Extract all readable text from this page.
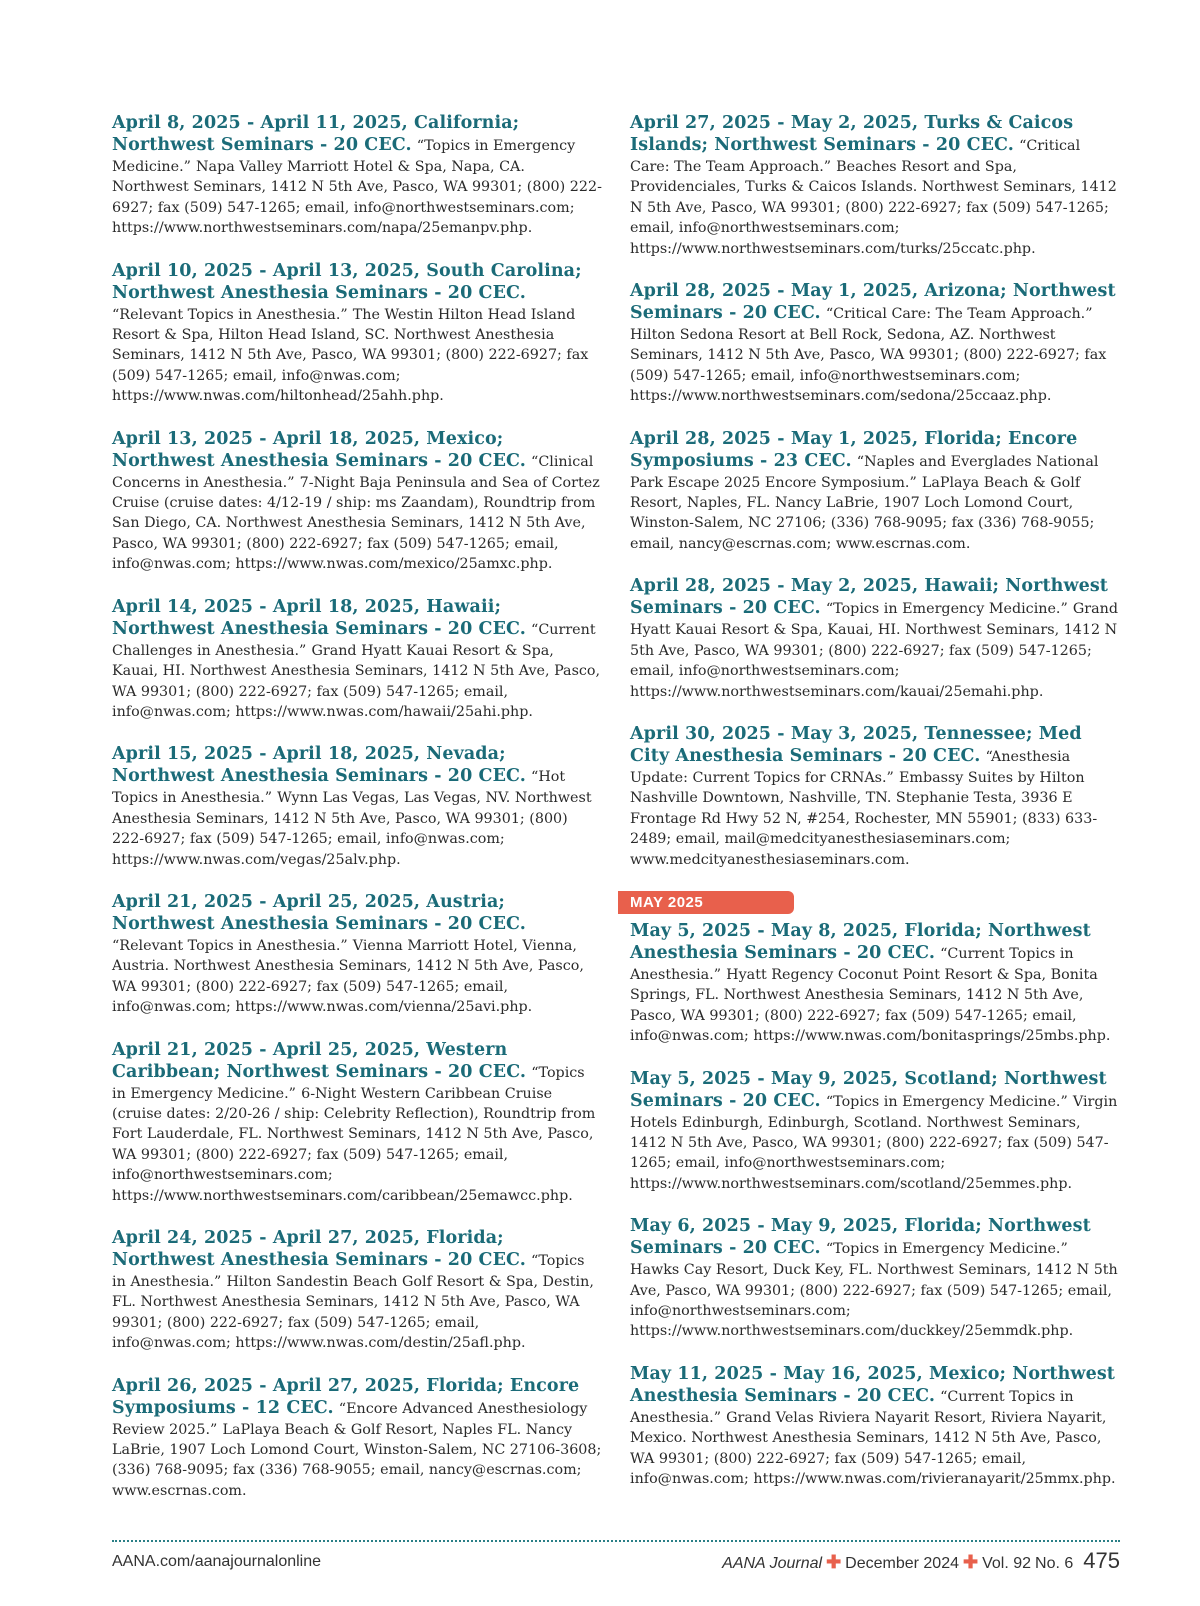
April 8, 2025 - April 11, 2025, California; Northwest Seminars - 20 CEC. “Topics in Emergency Medicine.” Napa Valley Marriott Hotel & Spa, Napa, CA. Northwest Seminars, 1412 N 5th Ave, Pasco, WA 99301; (800) 222-6927; fax (509) 547-1265; email, info@northwestseminars.com; https://www.northwestseminars.com/napa/25emanpv.php.
April 10, 2025 - April 13, 2025, South Carolina; Northwest Anesthesia Seminars - 20 CEC. “Relevant Topics in Anesthesia.” The Westin Hilton Head Island Resort & Spa, Hilton Head Island, SC. Northwest Anesthesia Seminars, 1412 N 5th Ave, Pasco, WA 99301; (800) 222-6927; fax (509) 547-1265; email, info@nwas.com; https://www.nwas.com/hiltonhead/25ahh.php.
April 13, 2025 - April 18, 2025, Mexico; Northwest Anesthesia Seminars - 20 CEC. “Clinical Concerns in Anesthesia.” 7-Night Baja Peninsula and Sea of Cortez Cruise (cruise dates: 4/12-19 / ship: ms Zaandam), Roundtrip from San Diego, CA. Northwest Anesthesia Seminars, 1412 N 5th Ave, Pasco, WA 99301; (800) 222-6927; fax (509) 547-1265; email, info@nwas.com; https://www.nwas.com/mexico/25amxc.php.
April 14, 2025 - April 18, 2025, Hawaii; Northwest Anesthesia Seminars - 20 CEC. “Current Challenges in Anesthesia.” Grand Hyatt Kauai Resort & Spa, Kauai, HI. Northwest Anesthesia Seminars, 1412 N 5th Ave, Pasco, WA 99301; (800) 222-6927; fax (509) 547-1265; email, info@nwas.com; https://www.nwas.com/hawaii/25ahi.php.
April 15, 2025 - April 18, 2025, Nevada; Northwest Anesthesia Seminars - 20 CEC. “Hot Topics in Anesthesia.” Wynn Las Vegas, Las Vegas, NV. Northwest Anesthesia Seminars, 1412 N 5th Ave, Pasco, WA 99301; (800) 222-6927; fax (509) 547-1265; email, info@nwas.com; https://www.nwas.com/vegas/25alv.php.
April 21, 2025 - April 25, 2025, Austria; Northwest Anesthesia Seminars - 20 CEC. “Relevant Topics in Anesthesia.” Vienna Marriott Hotel, Vienna, Austria. Northwest Anesthesia Seminars, 1412 N 5th Ave, Pasco, WA 99301; (800) 222-6927; fax (509) 547-1265; email, info@nwas.com; https://www.nwas.com/vienna/25avi.php.
April 21, 2025 - April 25, 2025, Western Caribbean; Northwest Seminars - 20 CEC. “Topics in Emergency Medicine.” 6-Night Western Caribbean Cruise (cruise dates: 2/20-26 / ship: Celebrity Reflection), Roundtrip from Fort Lauderdale, FL. Northwest Seminars, 1412 N 5th Ave, Pasco, WA 99301; (800) 222-6927; fax (509) 547-1265; email, info@northwestseminars.com; https://www.northwestseminars.com/caribbean/25emawcc.php.
April 24, 2025 - April 27, 2025, Florida; Northwest Anesthesia Seminars - 20 CEC. “Topics in Anesthesia.” Hilton Sandestin Beach Golf Resort & Spa, Destin, FL. Northwest Anesthesia Seminars, 1412 N 5th Ave, Pasco, WA 99301; (800) 222-6927; fax (509) 547-1265; email, info@nwas.com; https://www.nwas.com/destin/25afl.php.
April 26, 2025 - April 27, 2025, Florida; Encore Symposiums - 12 CEC. “Encore Advanced Anesthesiology Review 2025.” LaPlaya Beach & Golf Resort, Naples FL. Nancy LaBrie, 1907 Loch Lomond Court, Winston-Salem, NC 27106-3608; (336) 768-9095; fax (336) 768-9055; email, nancy@escrnas.com; www.escrnas.com.
April 27, 2025 - May 2, 2025, Turks & Caicos Islands; Northwest Seminars - 20 CEC. “Critical Care: The Team Approach.” Beaches Resort and Spa, Providenciales, Turks & Caicos Islands. Northwest Seminars, 1412 N 5th Ave, Pasco, WA 99301; (800) 222-6927; fax (509) 547-1265; email, info@northwestseminars.com; https://www.northwestseminars.com/turks/25ccatc.php.
April 28, 2025 - May 1, 2025, Arizona; Northwest Seminars - 20 CEC. “Critical Care: The Team Approach.” Hilton Sedona Resort at Bell Rock, Sedona, AZ. Northwest Seminars, 1412 N 5th Ave, Pasco, WA 99301; (800) 222-6927; fax (509) 547-1265; email, info@northwestseminars.com; https://www.northwestseminars.com/sedona/25ccaaz.php.
April 28, 2025 - May 1, 2025, Florida; Encore Symposiums - 23 CEC. “Naples and Everglades National Park Escape 2025 Encore Symposium.” LaPlaya Beach & Golf Resort, Naples, FL. Nancy LaBrie, 1907 Loch Lomond Court, Winston-Salem, NC 27106; (336) 768-9095; fax (336) 768-9055; email, nancy@escrnas.com; www.escrnas.com.
April 28, 2025 - May 2, 2025, Hawaii; Northwest Seminars - 20 CEC. “Topics in Emergency Medicine.” Grand Hyatt Kauai Resort & Spa, Kauai, HI. Northwest Seminars, 1412 N 5th Ave, Pasco, WA 99301; (800) 222-6927; fax (509) 547-1265; email, info@northwestseminars.com; https://www.northwestseminars.com/kauai/25emahi.php.
April 30, 2025 - May 3, 2025, Tennessee; Med City Anesthesia Seminars - 20 CEC. “Anesthesia Update: Current Topics for CRNAs.” Embassy Suites by Hilton Nashville Downtown, Nashville, TN. Stephanie Testa, 3936 E Frontage Rd Hwy 52 N, #254, Rochester, MN 55901; (833) 633-2489; email, mail@medcityanesthesiaseminars.com; www.medcityanesthesiaseminars.com.
MAY 2025
May 5, 2025 - May 8, 2025, Florida; Northwest Anesthesia Seminars - 20 CEC. “Current Topics in Anesthesia.” Hyatt Regency Coconut Point Resort & Spa, Bonita Springs, FL. Northwest Anesthesia Seminars, 1412 N 5th Ave, Pasco, WA 99301; (800) 222-6927; fax (509) 547-1265; email, info@nwas.com; https://www.nwas.com/bonitasprings/25mbs.php.
May 5, 2025 - May 9, 2025, Scotland; Northwest Seminars - 20 CEC. “Topics in Emergency Medicine.” Virgin Hotels Edinburgh, Edinburgh, Scotland. Northwest Seminars, 1412 N 5th Ave, Pasco, WA 99301; (800) 222-6927; fax (509) 547-1265; email, info@northwestseminars.com; https://www.northwestseminars.com/scotland/25emmes.php.
May 6, 2025 - May 9, 2025, Florida; Northwest Seminars - 20 CEC. “Topics in Emergency Medicine.” Hawks Cay Resort, Duck Key, FL. Northwest Seminars, 1412 N 5th Ave, Pasco, WA 99301; (800) 222-6927; fax (509) 547-1265; email, info@northwestseminars.com; https://www.northwestseminars.com/duckkey/25emmdk.php.
May 11, 2025 - May 16, 2025, Mexico; Northwest Anesthesia Seminars - 20 CEC. “Current Topics in Anesthesia.” Grand Velas Riviera Nayarit Resort, Riviera Nayarit, Mexico. Northwest Anesthesia Seminars, 1412 N 5th Ave, Pasco, WA 99301; (800) 222-6927; fax (509) 547-1265; email, info@nwas.com; https://www.nwas.com/rivieranayarit/25mmx.php.
AANA.com/aanajournalonline	AANA Journal ✚ December 2024 ✚ Vol. 92 No. 6 475
